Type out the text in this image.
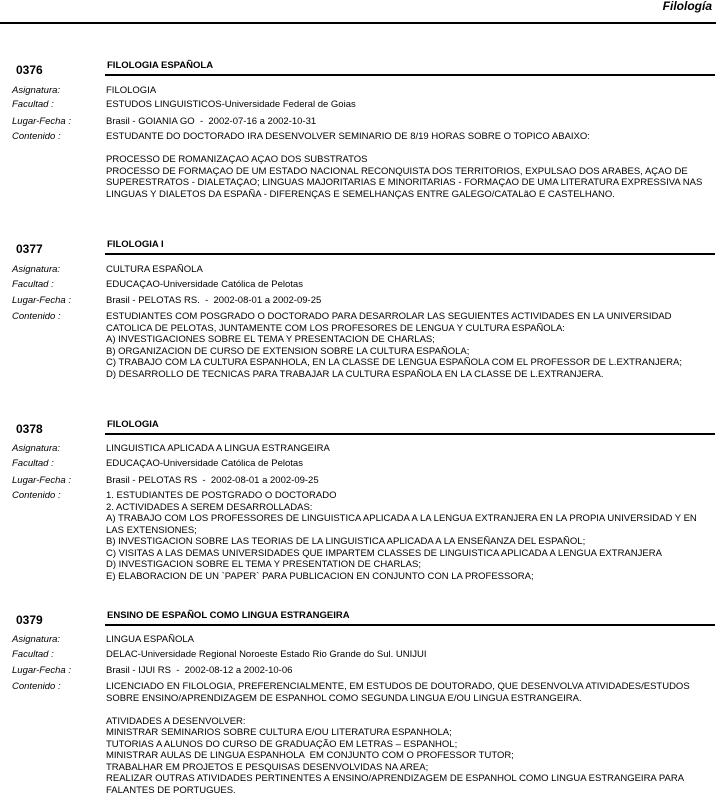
Filología
0376	FILOLOGIA ESPAÑOLA
Asignatura:	FILOLOGIA
Facultad :	ESTUDOS LINGUISTICOS-Universidade Federal de Goias
Lugar-Fecha :	Brasil - GOIANIA GO  -  2002-07-16 a 2002-10-31
Contenido :	ESTUDANTE DO DOCTORADO IRA DESENVOLVER SEMINARIO DE 8/19 HORAS SOBRE O TOPICO ABAIXO:

PROCESSO DE ROMANIZAÇAO AÇAO DOS SUBSTRATOS
PROCESSO DE FORMAÇAO DE UM ESTADO NACIONAL RECONQUISTA DOS TERRITORIOS, EXPULSAO DOS ARABES, AÇAO DE SUPERESTRATOS - DIALETAÇAO; LINGUAS MAJORITARIAS E MINORITARIAS - FORMAÇAO DE UMA LITERATURA EXPRESSIVA NAS LINGUAS Y DIALETOS DA ESPAÑA - DIFERENÇAS E SEMELHANÇAS ENTRE GALEGO/CATALãO E CASTELHANO.
0377	FILOLOGIA I
Asignatura:	CULTURA ESPAÑOLA
Facultad :	EDUCAÇAO-Universidade Católica de Pelotas
Lugar-Fecha :	Brasil - PELOTAS RS.  -  2002-08-01 a 2002-09-25
Contenido :	ESTUDIANTES COM POSGRADO O DOCTORADO PARA DESARROLAR LAS SEGUIENTES ACTIVIDADES EN LA UNIVERSIDAD CATOLICA DE PELOTAS, JUNTAMENTE COM LOS PROFESORES DE LENGUA Y CULTURA ESPAÑOLA:
A) INVESTIGACIONES SOBRE EL TEMA Y PRESENTACION DE CHARLAS;
B) ORGANIZACION DE CURSO DE EXTENSION SOBRE LA CULTURA ESPAÑOLA;
C) TRABAJO COM LA CULTURA ESPANHOLA, EN LA CLASSE DE LENGUA ESPAÑOLA COM EL PROFESSOR DE L.EXTRANJERA;
D) DESARROLLO DE TECNICAS PARA TRABAJAR LA CULTURA ESPAÑOLA EN LA CLASSE DE L.EXTRANJERA.
0378	FILOLOGIA
Asignatura:	LINGUISTICA APLICADA A LINGUA ESTRANGEIRA
Facultad :	EDUCAÇAO-Universidade Católica de Pelotas
Lugar-Fecha :	Brasil - PELOTAS RS  -  2002-08-01 a 2002-09-25
Contenido :	1. ESTUDIANTES DE POSTGRADO O DOCTORADO
2. ACTIVIDADES A SEREM DESARROLLADAS:
A) TRABAJO COM LOS PROFESSORES DE LINGUISTICA APLICADA A LA LENGUA EXTRANJERA EN LA PROPIA UNIVERSIDAD Y EN LAS EXTENSIONES;
B) INVESTIGACION SOBRE LAS TEORIAS DE LA LINGUISTICA APLICADA A LA ENSEÑANZA DEL ESPAÑOL;
C) VISITAS A LAS DEMAS UNIVERSIDADES QUE IMPARTEM CLASSES DE LINGUISTICA APLICADA A LENGUA EXTRANJERA
D) INVESTIGACION SOBRE EL TEMA Y PRESENTATION DE CHARLAS;
E) ELABORACION DE UN `PAPER` PARA PUBLICACION EN CONJUNTO CON LA PROFESSORA;
0379	ENSINO DE ESPAÑOL COMO LINGUA ESTRANGEIRA
Asignatura:	LINGUA ESPAÑOLA
Facultad :	DELAC-Universidade Regional Noroeste Estado Rio Grande do Sul. UNIJUI
Lugar-Fecha :	Brasil - IJUI RS  -  2002-08-12 a 2002-10-06
Contenido :	LICENCIADO EN FILOLOGIA, PREFERENCIALMENTE, EM ESTUDOS DE DOUTORADO, QUE DESENVOLVA ATIVIDADES/ESTUDOS SOBRE ENSINO/APRENDIZAGEM DE ESPANHOL COMO SEGUNDA LINGUA E/OU LINGUA ESTRANGEIRA.

ATIVIDADES A DESENVOLVER:
MINISTRAR SEMINARIOS SOBRE CULTURA E/OU LITERATURA ESPANHOLA;
TUTORIAS A ALUNOS DO CURSO DE GRADUAÇÃO EM LETRAS – ESPANHOL;
MINISTRAR AULAS DE LINGUA ESPANHOLA  EM CONJUNTO COM O PROFESSOR TUTOR;
TRABALHAR EM PROJETOS E PESQUISAS DESENVOLVIDAS NA AREA;
REALIZAR OUTRAS ATIVIDADES PERTINENTES A ENSINO/APRENDIZAGEM DE ESPANHOL COMO LINGUA ESTRANGEIRA PARA FALANTES DE PORTUGUES.
